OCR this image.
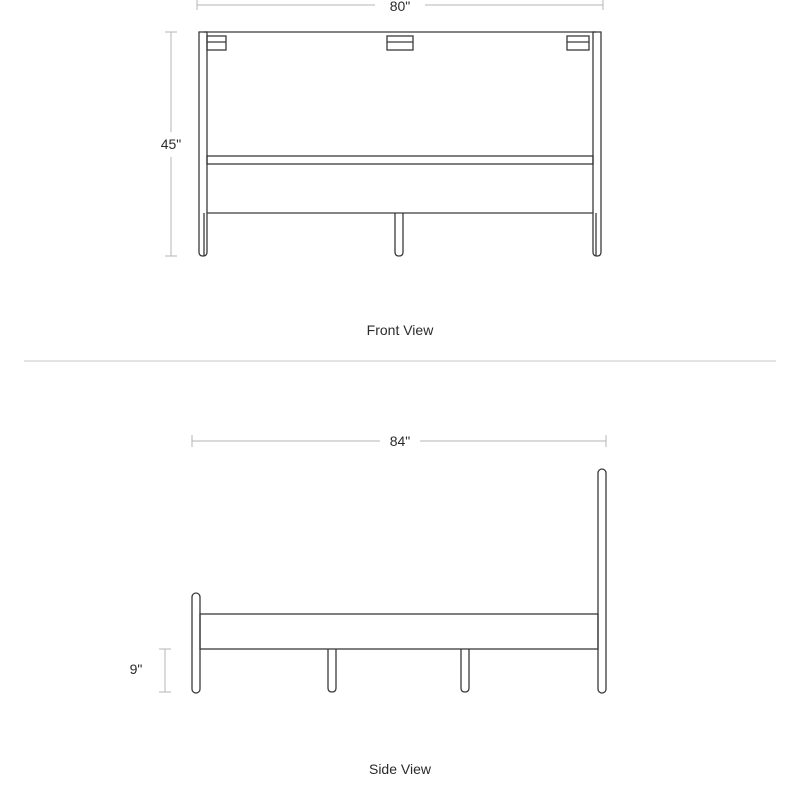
80"
45"
Front View
84"
9"
Side View
